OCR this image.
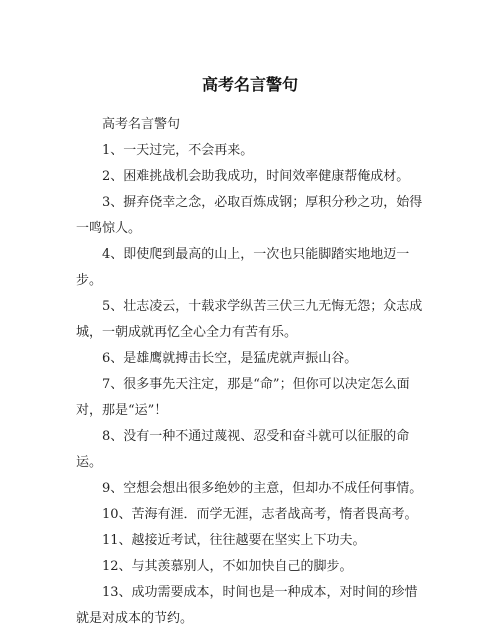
高考名言警句

高考名言警句

1、一天过完，不会再来。

2、困难挑战机会助我成功，时间效率健康帮俺成材。

3、摒弃侥幸之念，必取百炼成钢；厚积分秒之功，始得一鸣惊人。

4、即使爬到最高的山上，一次也只能脚踏实地地迈一步。

5、壮志凌云，十载求学纵苦三伏三九无悔无怨；众志成城，一朝成就再忆全心全力有苦有乐。

6、是雄鹰就搏击长空，是猛虎就声振山谷。

7、很多事先天注定，那是“命”；但你可以决定怎么面对，那是“运”！

8、没有一种不通过蔑视、忍受和奋斗就可以征服的命运。

9、空想会想出很多绝妙的主意，但却办不成任何事情。

10、苦海有涯．而学无涯，志者战高考，惰者畏高考。

11、越接近考试，往往越要在坚实上下功夫。

12、与其羡慕别人，不如加快自己的脚步。

13、成功需要成本，时间也是一种成本，对时间的珍惜就是对成本的节约。
